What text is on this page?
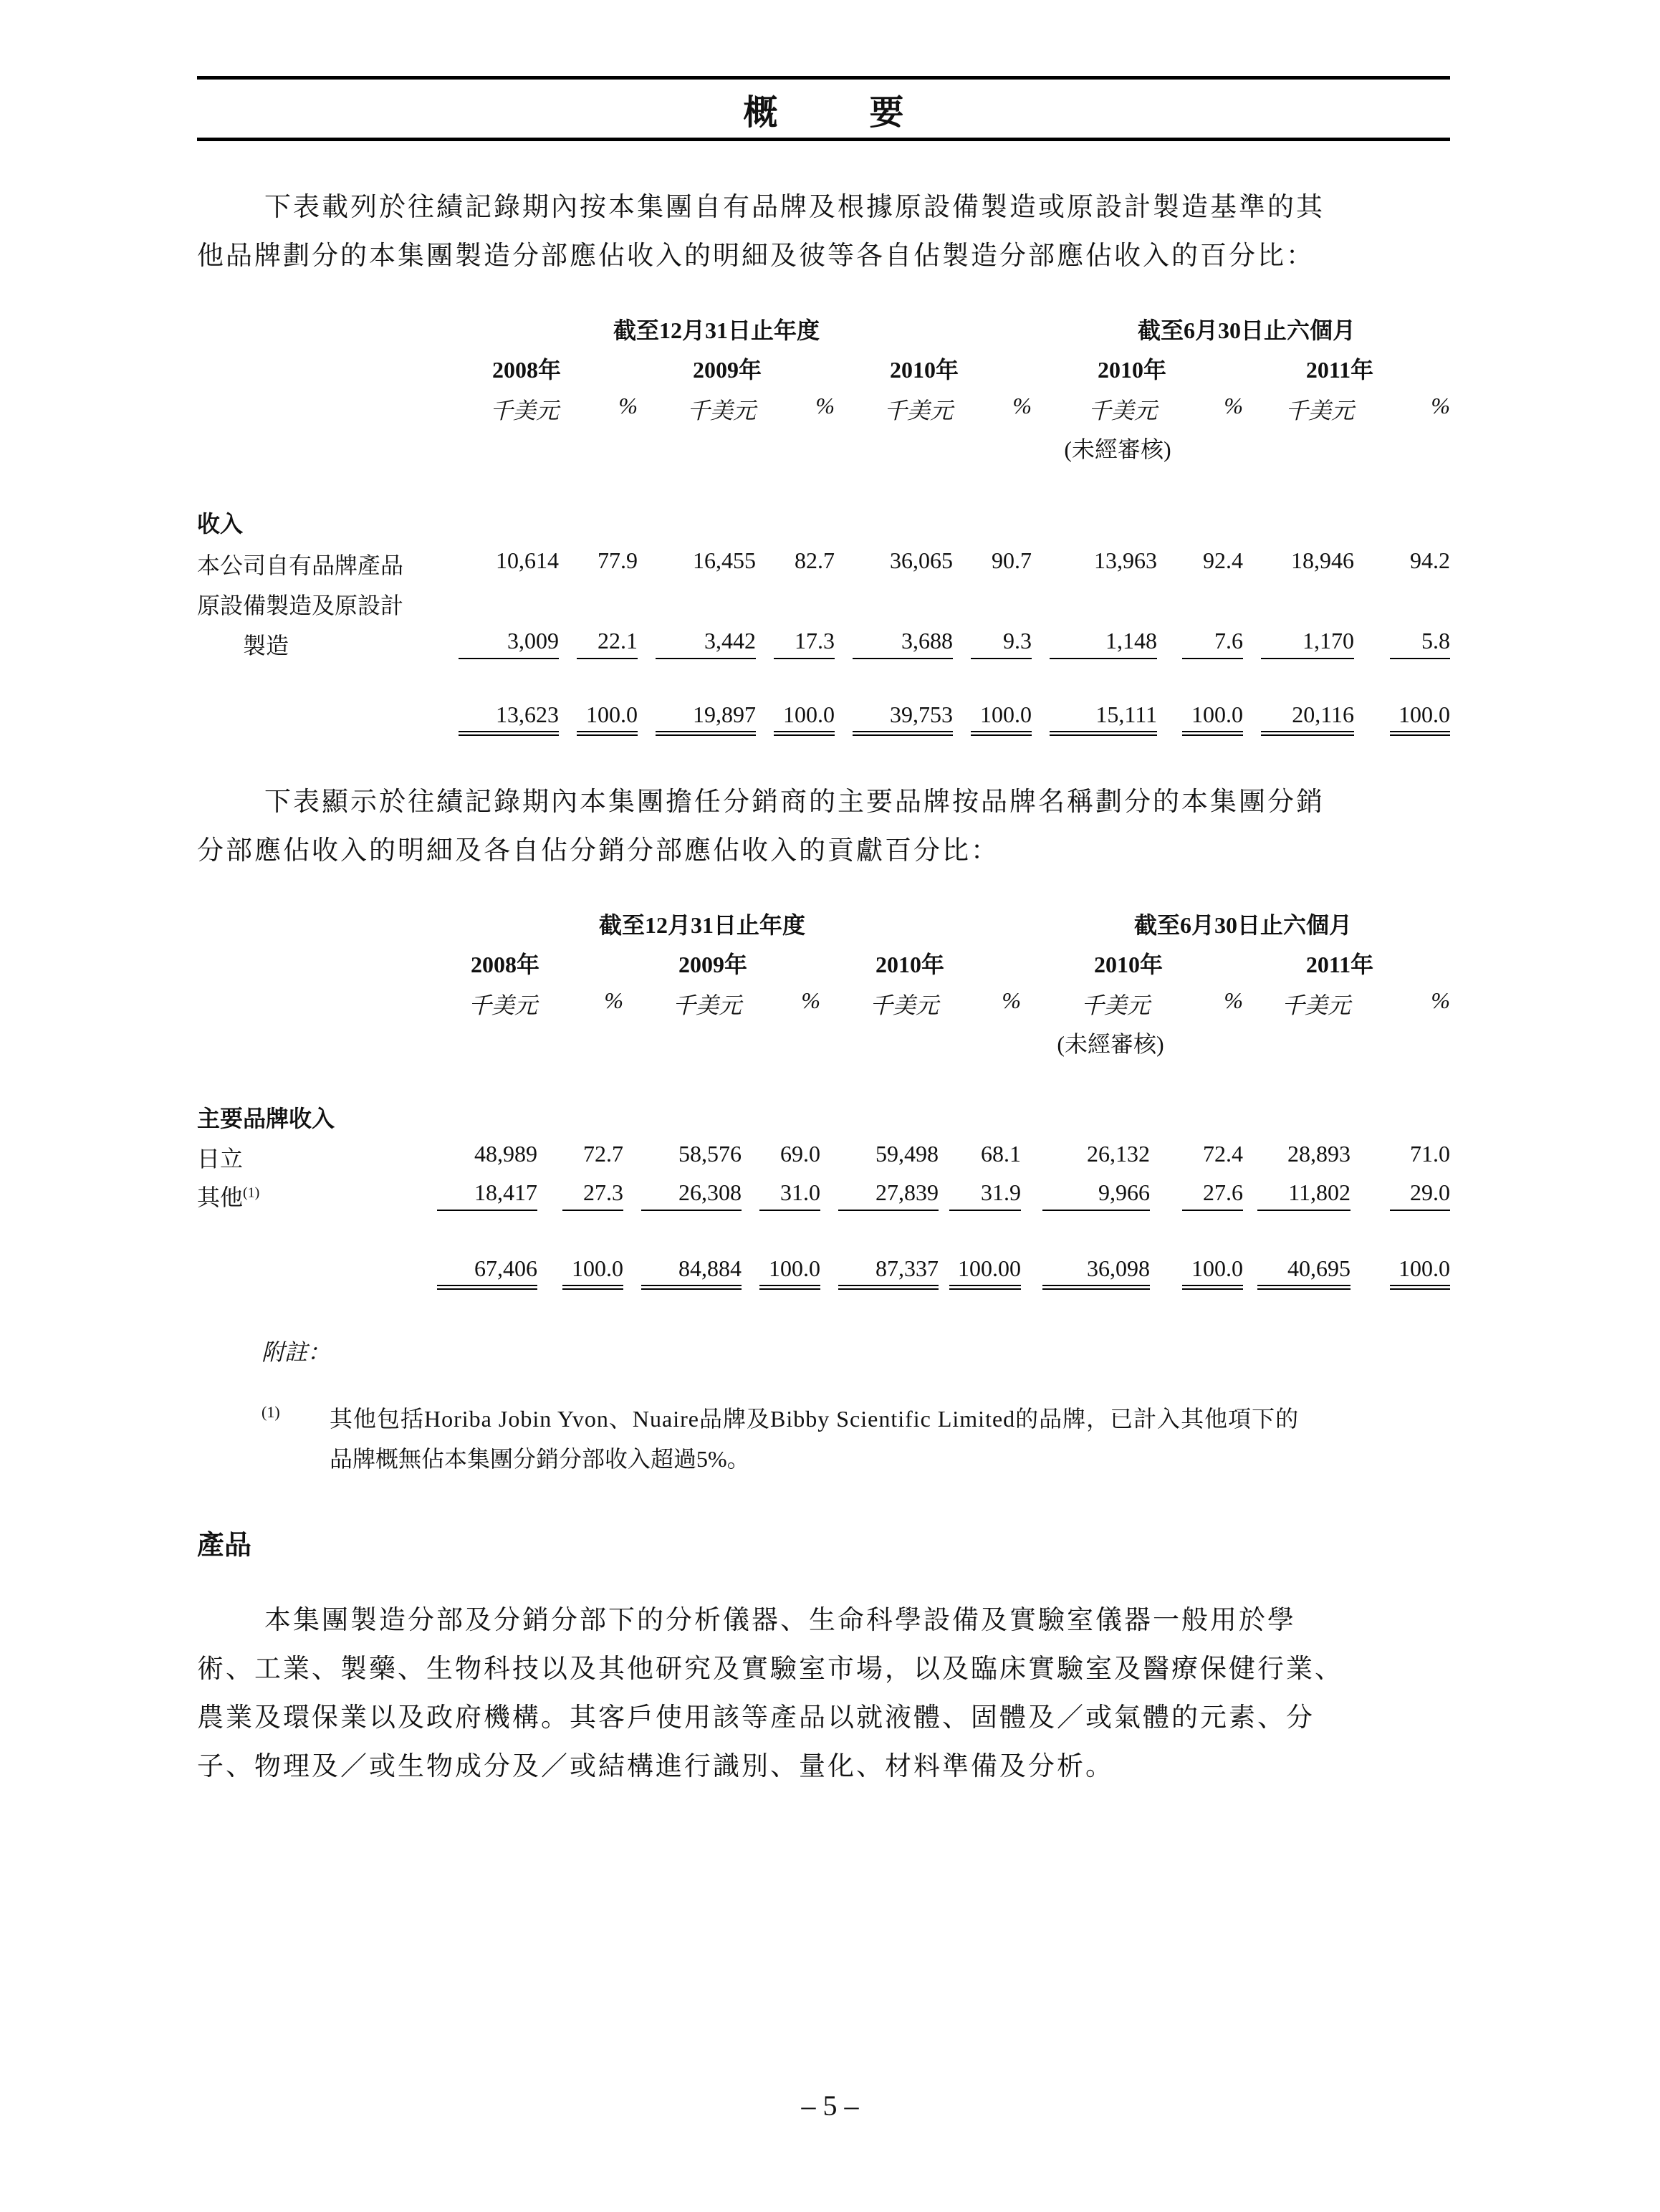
概　要
下表載列於往績記錄期內按本集團自有品牌及根據原設備製造或原設計製造基準的其
他品牌劃分的本集團製造分部應佔收入的明細及彼等各自佔製造分部應佔收入的百分比：
截至12月31日止年度	截至6月30日止六個月
2008年	2009年	2010年	2010年	2011年
千美元	%	千美元	%	千美元	%	千美元	%	千美元	%
(未經審核)
收入
本公司自有品牌產品	10,614	77.9	16,455	82.7	36,065	90.7	13,963	92.4	18,946	94.2
原設備製造及原設計
製造	3,009	22.1	3,442	17.3	3,688	9.3	1,148	7.6	1,170	5.8
13,623	100.0	19,897	100.0	39,753	100.0	15,111	100.0	20,116	100.0
下表顯示於往績記錄期內本集團擔任分銷商的主要品牌按品牌名稱劃分的本集團分銷
分部應佔收入的明細及各自佔分銷分部應佔收入的貢獻百分比：
截至12月31日止年度	截至6月30日止六個月
2008年	2009年	2010年	2010年	2011年
千美元	%	千美元	%	千美元	%	千美元	%	千美元	%
(未經審核)
主要品牌收入
日立	48,989	72.7	58,576	69.0	59,498	68.1	26,132	72.4	28,893	71.0
其他$^{(1)}$	18,417	27.3	26,308	31.0	27,839	31.9	9,966	27.6	11,802	29.0
67,406	100.0	84,884	100.0	87,337 100.00	36,098	100.0	40,695	100.0
附註：
(1) 其他包括Horiba Jobin Yvon、Nuaire品牌及Bibby Scientific Limited的品牌，已計入其他項下的
品牌概無佔本集團分銷分部收入超過5%。
產品
本集團製造分部及分銷分部下的分析儀器、生命科學設備及實驗室儀器一般用於學
術、工業、製藥、生物科技以及其他研究及實驗室市場，以及臨床實驗室及醫療保健行業、
農業及環保業以及政府機構。其客戶使用該等產品以就液體、固體及／或氣體的元素、分
子、物理及／或生物成分及／或結構進行識別、量化、材料準備及分析。
– 5 –
